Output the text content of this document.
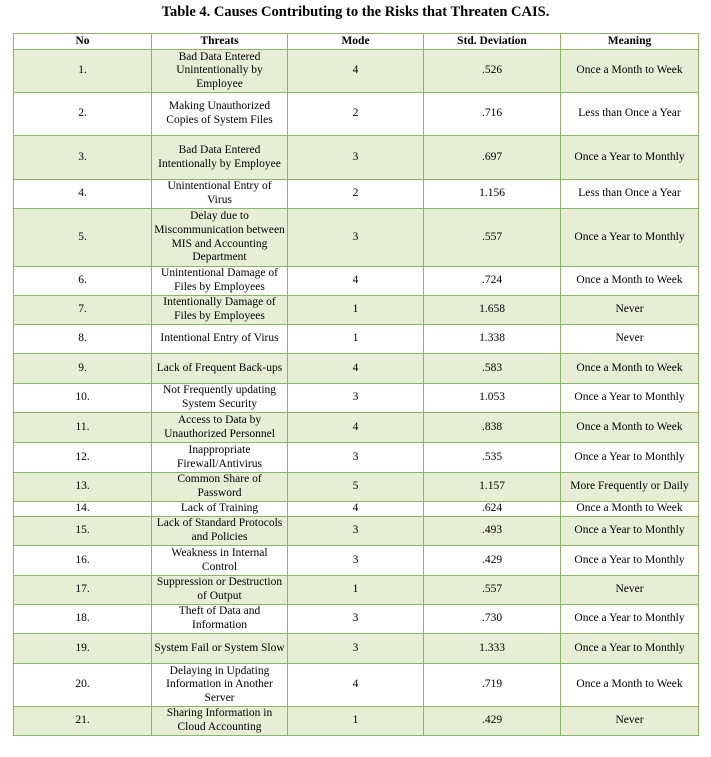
Table 4. Causes Contributing to the Risks that Threaten CAIS.
No	Threats	Mode	Std. Deviation	Meaning
1.	Bad Data Entered Unintentionally by Employee	4	.526	Once a Month to Week
2.	Making Unauthorized Copies of System Files	2	.716	Less than Once a Year
3.	Bad Data Entered Intentionally by Employee	3	.697	Once a Year to Monthly
4.	Unintentional Entry of Virus	2	1.156	Less than Once a Year
5.	Delay due to Miscommunication between MIS and Accounting Department	3	.557	Once a Year to Monthly
6.	Unintentional Damage of Files by Employees	4	.724	Once a Month to Week
7.	Intentionally Damage of Files by Employees	1	1.658	Never
8.	Intentional Entry of Virus	1	1.338	Never
9.	Lack of Frequent Back-ups	4	.583	Once a Month to Week
10.	Not Frequently updating System Security	3	1.053	Once a Year to Monthly
11.	Access to Data by Unauthorized Personnel	4	.838	Once a Month to Week
12.	Inappropriate Firewall/Antivirus	3	.535	Once a Year to Monthly
13.	Common Share of Password	5	1.157	More Frequently or Daily
14.	Lack of Training	4	.624	Once a Month to Week
15.	Lack of Standard Protocols and Policies	3	.493	Once a Year to Monthly
16.	Weakness in Internal Control	3	.429	Once a Year to Monthly
17.	Suppression or Destruction of Output	1	.557	Never
18.	Theft of Data and Information	3	.730	Once a Year to Monthly
19.	System Fail or System Slow	3	1.333	Once a Year to Monthly
20.	Delaying in Updating Information in Another Server	4	.719	Once a Month to Week
21.	Sharing Information in Cloud Accounting	1	.429	Never
